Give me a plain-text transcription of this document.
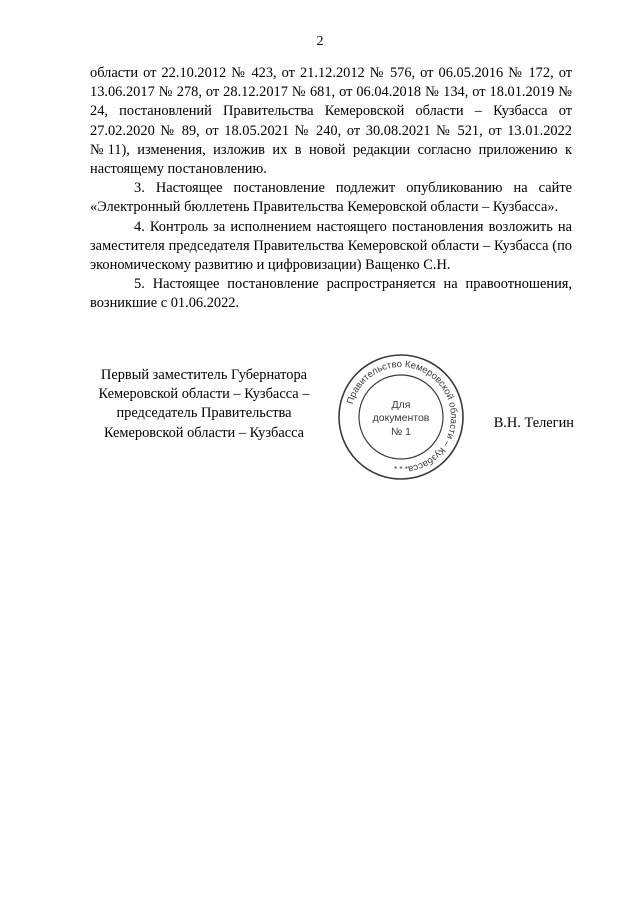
2

области от 22.10.2012 № 423, от 21.12.2012 № 576, от 06.05.2016 № 172, от 13.06.2017 № 278, от 28.12.2017 № 681, от 06.04.2018 № 134, от 18.01.2019 № 24, постановлений Правительства Кемеровской области – Кузбасса от 27.02.2020 № 89, от 18.05.2021 № 240, от 30.08.2021 № 521, от 13.01.2022 №11), изменения, изложив их в новой редакции согласно приложению к настоящему постановлению.

3. Настоящее постановление подлежит опубликованию на сайте «Электронный бюллетень Правительства Кемеровской области – Кузбасса».

4. Контроль за исполнением настоящего постановления возложить на заместителя председателя Правительства Кемеровской области – Кузбасса (по экономическому развитию и цифровизации) Ващенко С.Н.

5. Настоящее постановление распространяется на правоотношения, возникшие с 01.06.2022.

Первый заместитель Губернатора
Кемеровской области – Кузбасса –
председатель Правительства
Кемеровской области – Кузбасса
Правительство Кемеровской области – Кузбасса
* * *
Для
документов
№ 1
В.Н. Телегин
